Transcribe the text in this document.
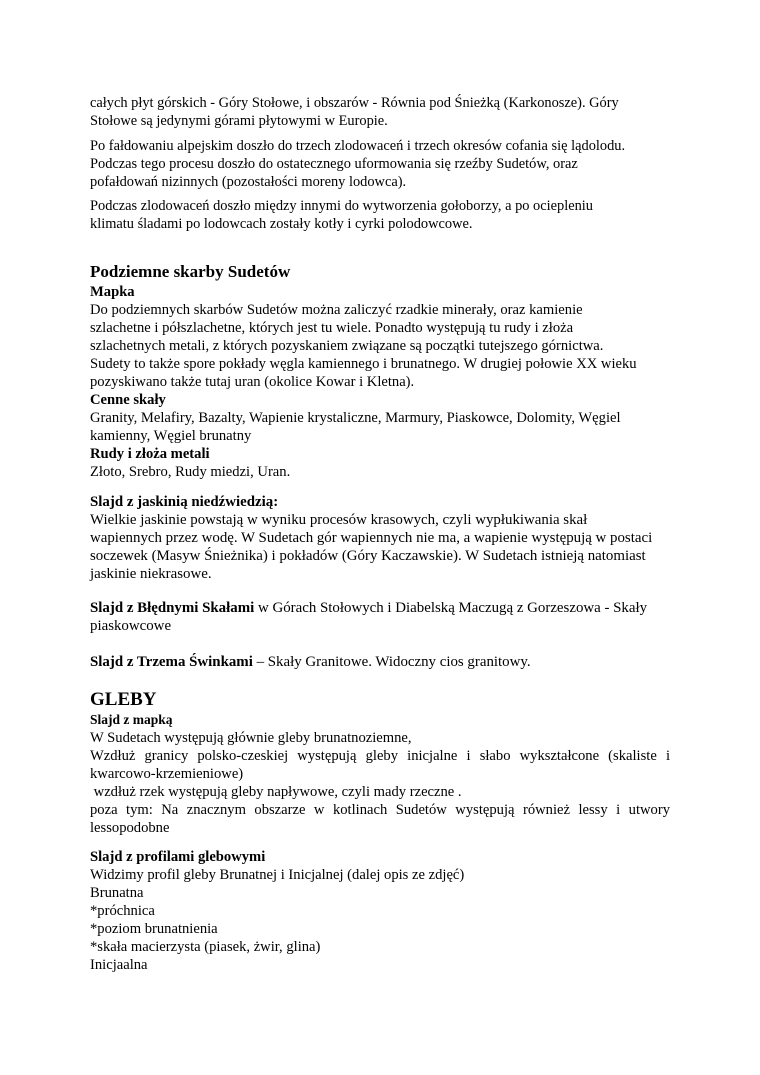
całych płyt górskich - Góry Stołowe, i obszarów - Równia pod Śnieżką (Karkonosze). Góry

Stołowe są jedynymi górami płytowymi w Europie.

Po fałdowaniu alpejskim doszło do trzech zlodowaceń i trzech okresów cofania się lądolodu.

Podczas tego procesu doszło do ostatecznego uformowania się rzeźby Sudetów, oraz

pofałdowań nizinnych (pozostałości moreny lodowca).

Podczas zlodowaceń doszło między innymi do wytworzenia gołoborzy, a po ociepleniu

klimatu śladami po lodowcach zostały kotły i cyrki polodowcowe.

Podziemne skarby Sudetów

Mapka

Do podziemnych skarbów Sudetów można zaliczyć rzadkie minerały, oraz kamienie

szlachetne i półszlachetne, których jest tu wiele. Ponadto występują tu rudy i złoża

szlachetnych metali, z których pozyskaniem związane są początki tutejszego górnictwa.

Sudety to także spore pokłady węgla kamiennego i brunatnego. W drugiej połowie XX wieku

pozyskiwano także tutaj uran (okolice Kowar i Kletna).

Cenne skały

Granity, Melafiry, Bazalty, Wapienie krystaliczne, Marmury, Piaskowce, Dolomity, Węgiel

kamienny, Węgiel brunatny

Rudy i złoża metali

Złoto, Srebro, Rudy miedzi, Uran.

Slajd z jaskinią niedźwiedzią:

Wielkie jaskinie powstają w wyniku procesów krasowych, czyli wypłukiwania skał

wapiennych przez wodę. W Sudetach gór wapiennych nie ma, a wapienie występują w postaci

soczewek (Masyw Śnieżnika) i pokładów (Góry Kaczawskie). W Sudetach istnieją natomiast

jaskinie niekrasowe.

Slajd z Błędnymi Skałami w Górach Stołowych i Diabelską Maczugą z Gorzeszowa - Skały

piaskowcowe

Slajd z Trzema Świnkami – Skały Granitowe. Widoczny cios granitowy.

GLEBY

Slajd z mapką

W Sudetach występują głównie gleby brunatnoziemne,

Wzdłuż granicy polsko-czeskiej występują gleby inicjalne i słabo wykształcone (skaliste i

kwarcowo-krzemieniowe)

wzdłuż rzek występują gleby napływowe, czyli mady rzeczne .

poza tym: Na znacznym obszarze w kotlinach Sudetów występują również lessy i utwory

lessopodobne

Slajd z profilami glebowymi

Widzimy profil gleby Brunatnej i Inicjalnej (dalej opis ze zdjęć)

Brunatna

*próchnica

*poziom brunatnienia

*skała macierzysta (piasek, żwir, glina)

Inicjaalna
